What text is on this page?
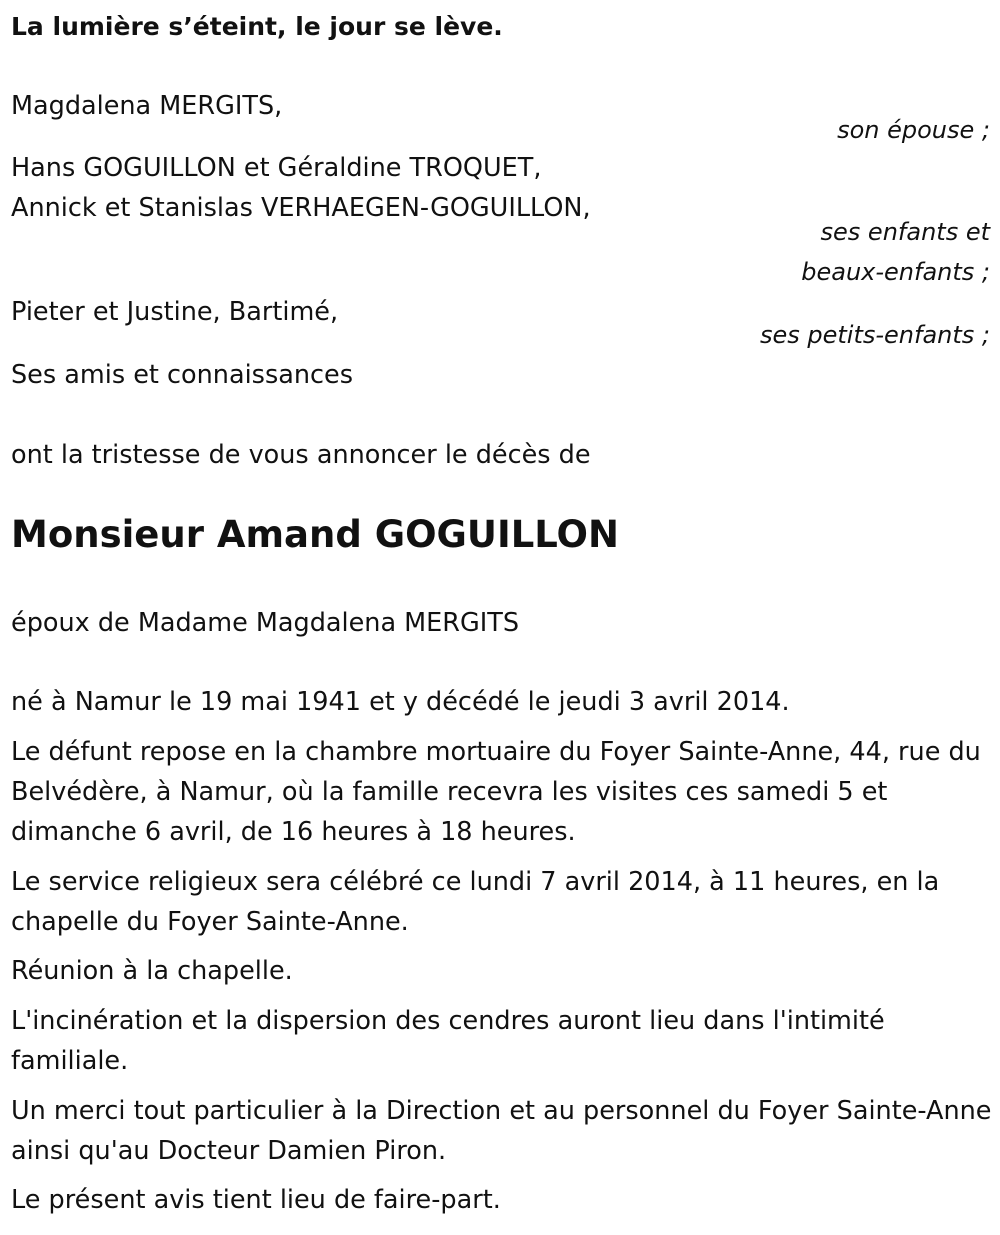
La lumière s’éteint, le jour se lève.
Magdalena MERGITS,
son épouse ;
Hans GOGUILLON et Géraldine TROQUET,
Annick et Stanislas VERHAEGEN-GOGUILLON,
ses enfants et
beaux-enfants ;
Pieter et Justine, Bartimé,
ses petits-enfants ;
Ses amis et connaissances
ont la tristesse de vous annoncer le décès de
Monsieur Amand GOGUILLON
époux de Madame Magdalena MERGITS
né à Namur le 19 mai 1941 et y décédé le jeudi 3 avril 2014.
Le défunt repose en la chambre mortuaire du Foyer Sainte-Anne, 44, rue du Belvédère, à Namur, où la famille recevra les visites ces samedi 5 et dimanche 6 avril, de 16 heures à 18 heures.
Le service religieux sera célébré ce lundi 7 avril 2014, à 11 heures, en la chapelle du Foyer Sainte-Anne.
Réunion à la chapelle.
L'incinération et la dispersion des cendres auront lieu dans l'intimité familiale.
Un merci tout particulier à la Direction et au personnel du Foyer Sainte-Anne ainsi qu'au Docteur Damien Piron.
Le présent avis tient lieu de faire-part.
